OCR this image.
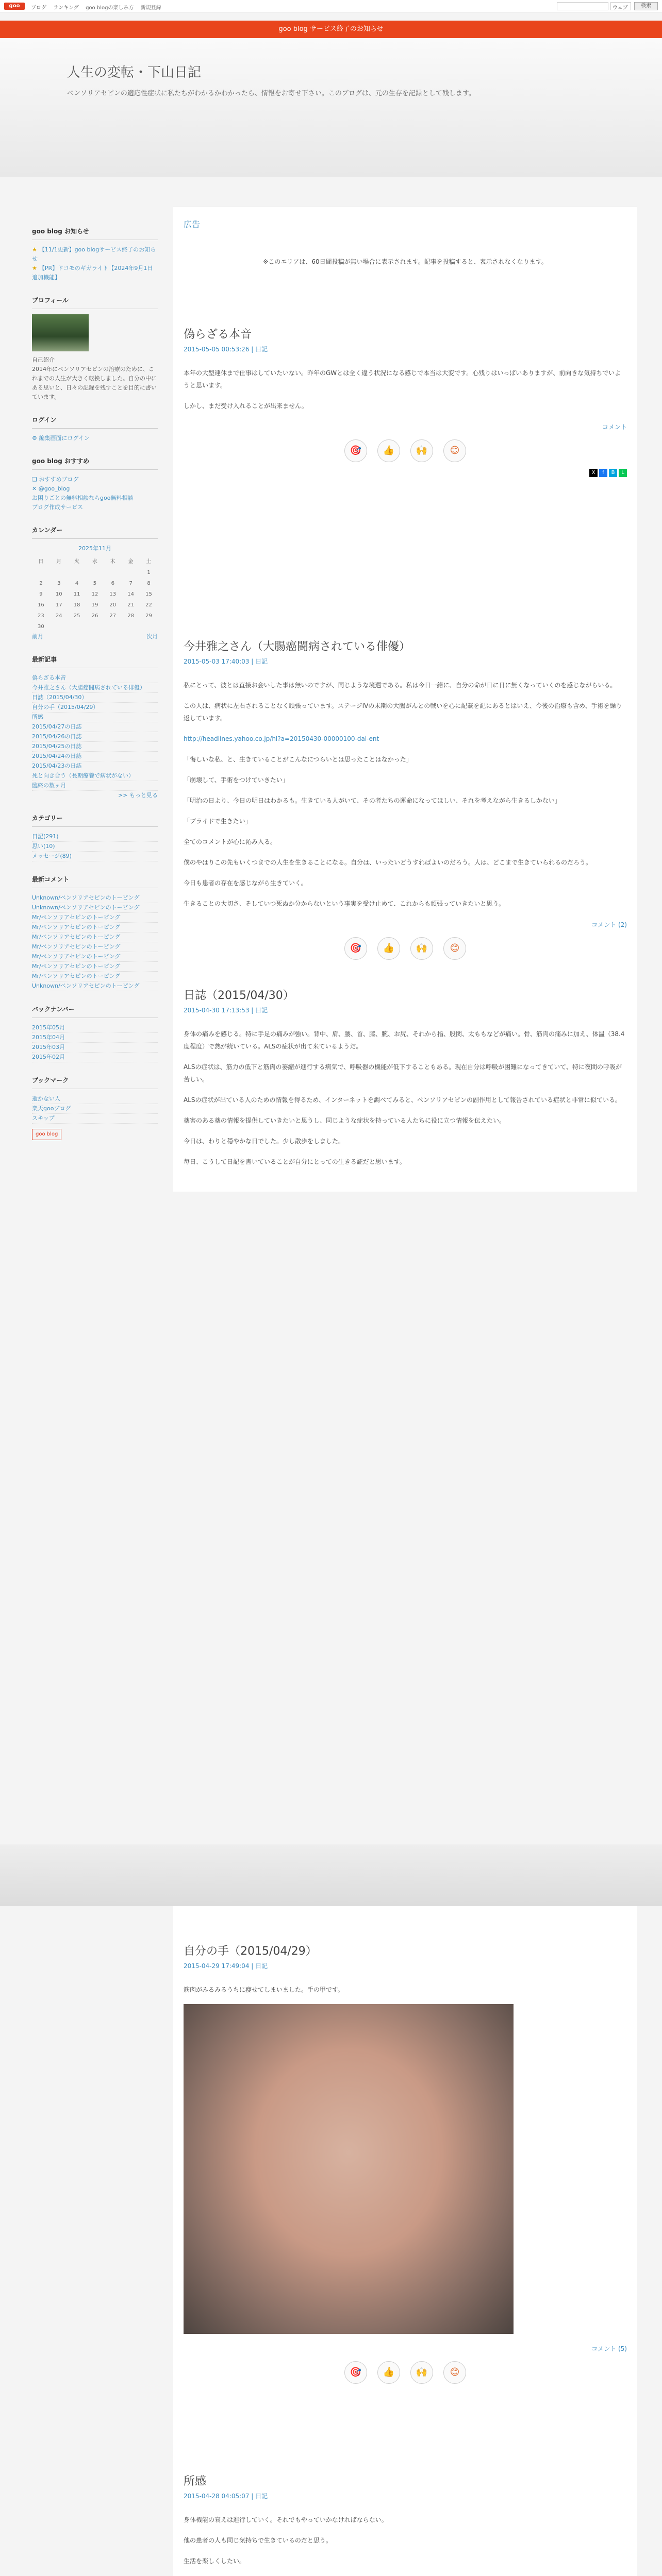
goo	ブログ ランキング goo blogの楽しみ方 新規登録	ウェブ	検索
goo blog サービス終了のお知らせ
人生の変転・下山日記
ペンソリアセピンの適応性症状に私たちがわかるかわかったら、情報をお寄せ下さい。このブログは、元の生存を記録として残します。
goo blog お知らせ

★ 【11/1更新】goo blogサービス終了のお知らせ

★ 【PR】ドコモのギガライト【2024年9月1日 追加機能】

プロフィール

自己紹介

2014年にペンソリアセピンの治療のために、これまでの人生が大きく転換しました。自分の中にある思いと、日々の記録を残すことを目的に書いています。

ログイン

⚙ 編集画面にログイン

goo blog おすすめ

❏ おすすめブログ

✕ @goo_blog

お困りごとの無料相談ならgoo無料相談

ブログ作成サービス

カレンダー
2025年11月
日	月	火	水	木	金	土
						1
2	3	4	5	6	7	8
9	10	11	12	13	14	15
16	17	18	19	20	21	22
23	24	25	26	27	28	29
30						

前月	次月

最新記事

偽らざる本音

今井雅之さん（大腸癌闘病されている俳優）

日誌（2015/04/30）

自分の手（2015/04/29）

所感

2015/04/27の日誌

2015/04/26の日誌

2015/04/25の日誌

2015/04/24の日誌

2015/04/23の日誌

死と向き合う（長期療養で病状がない）

臨終の数ヶ月

>> もっと見る

カテゴリー

日記(291)

思い(10)

メッセージ(89)

最新コメント

Unknown/ペンソリアセピンのトーピング

Unknown/ペンソリアセピンのトーピング

Mr/ペンソリアセピンのトーピング

Mr/ペンソリアセピンのトーピング

Mr/ペンソリアセピンのトーピング

Mr/ペンソリアセピンのトーピング

Mr/ペンソリアセピンのトーピング

Mr/ペンソリアセピンのトーピング

Mr/ペンソリアセピンのトーピング

Unknown/ペンソリアセピンのトーピング

バックナンバー

2015年05月

2015年04月

2015年03月

2015年02月

ブックマーク

逝かない人

楽天gooブログ

スキップ

goo blog

広告
※このエリアは、60日間投稿が無い場合に表示されます。記事を投稿すると、表示されなくなります。
偽らざる本音
2015-05-05 00:53:26 | 日記

本年の大型連休まで仕事はしていたいない。昨年のGWとは全く違う状況になる感じで本当は大変です。心残りはいっぱいありますが、前向きな気持ちでいようと思います。

しかし、まだ受け入れることが出来ません。

コメント
🎯	👍	🙌	😊
X f B L
今井雅之さん（大腸癌闘病されている俳優）
2015-05-03 17:40:03 | 日記

私にとって、彼とは直接お会いした事は無いのですが、同じような境遇である。私は今日一緒に、自分の命が日に日に無くなっていくのを感じながらいる。

この人は、病状に左右されることなく頑張っています。ステージIVの末期の大腸がんとの戦いを心に記載を記にあるとはいえ、今後の治療も含め、手術を繰り返しています。

http://headlines.yahoo.co.jp/hl?a=20150430-00000100-dal-ent

「悔しいな私、と、生きていることがこんなにつらいとは思ったことはなかった」

「崩壊して、手術をつけていきたい」

「明治の日より、今日の明日はわかるも。生きている人がいて、その者たちの運命になってほしい、それを考えながら生きるしかない」

「ブライドで生きたい」

全てのコメントが心に沁み入る。

僕のやはりこの先もいくつまでの人生を生きることになる。自分は、いったいどうすればよいのだろう。人は、どこまで生きていられるのだろう。

今日も患者の存在を感じながら生きていく。

生きることの大切さ、そしていつ死ぬか分からないという事実を受け止めて、これからも頑張っていきたいと思う。

コメント (2)
🎯	👍	🙌	😊
日誌（2015/04/30）
2015-04-30 17:13:53 | 日記

身体の痛みを感じる。特に手足の痛みが強い。背中、肩、腰、首、膝、腕、お尻、それから指、股関、太ももなどが痛い。骨、筋肉の痛みに加え、体温（38.4度程度）で熱が続いている。ALSの症状が出て来ているようだ。

ALSの症状は、筋力の低下と筋肉の萎縮が進行する病気で、呼吸器の機能が低下することもある。現在自分は呼吸が困難になってきていて、特に夜間の呼吸が苦しい。

ALSの症状が出ている人のための情報を得るため、インターネットを調べてみると、ペンソリアセピンの副作用として報告されている症状と非常に似ている。

薬害のある薬の情報を提供していきたいと思うし、同じような症状を持っている人たちに役に立つ情報を伝えたい。

今日は、わりと穏やかな日でした。少し散歩をしました。

毎日、こうして日記を書いていることが自分にとっての生きる証だと思います。

自分の手（2015/04/29）
2015-04-29 17:49:04 | 日記

筋肉がみるみるうちに痩せてしまいました。手の甲です。

コメント (5)
🎯	👍	🙌	😊
所感
2015-04-28 04:05:07 | 日記

身体機能の衰えは進行していく。それでもやっていかなければならない。

他の患者の人も同じ気持ちで生きているのだと思う。

生活を楽しくしたい。
